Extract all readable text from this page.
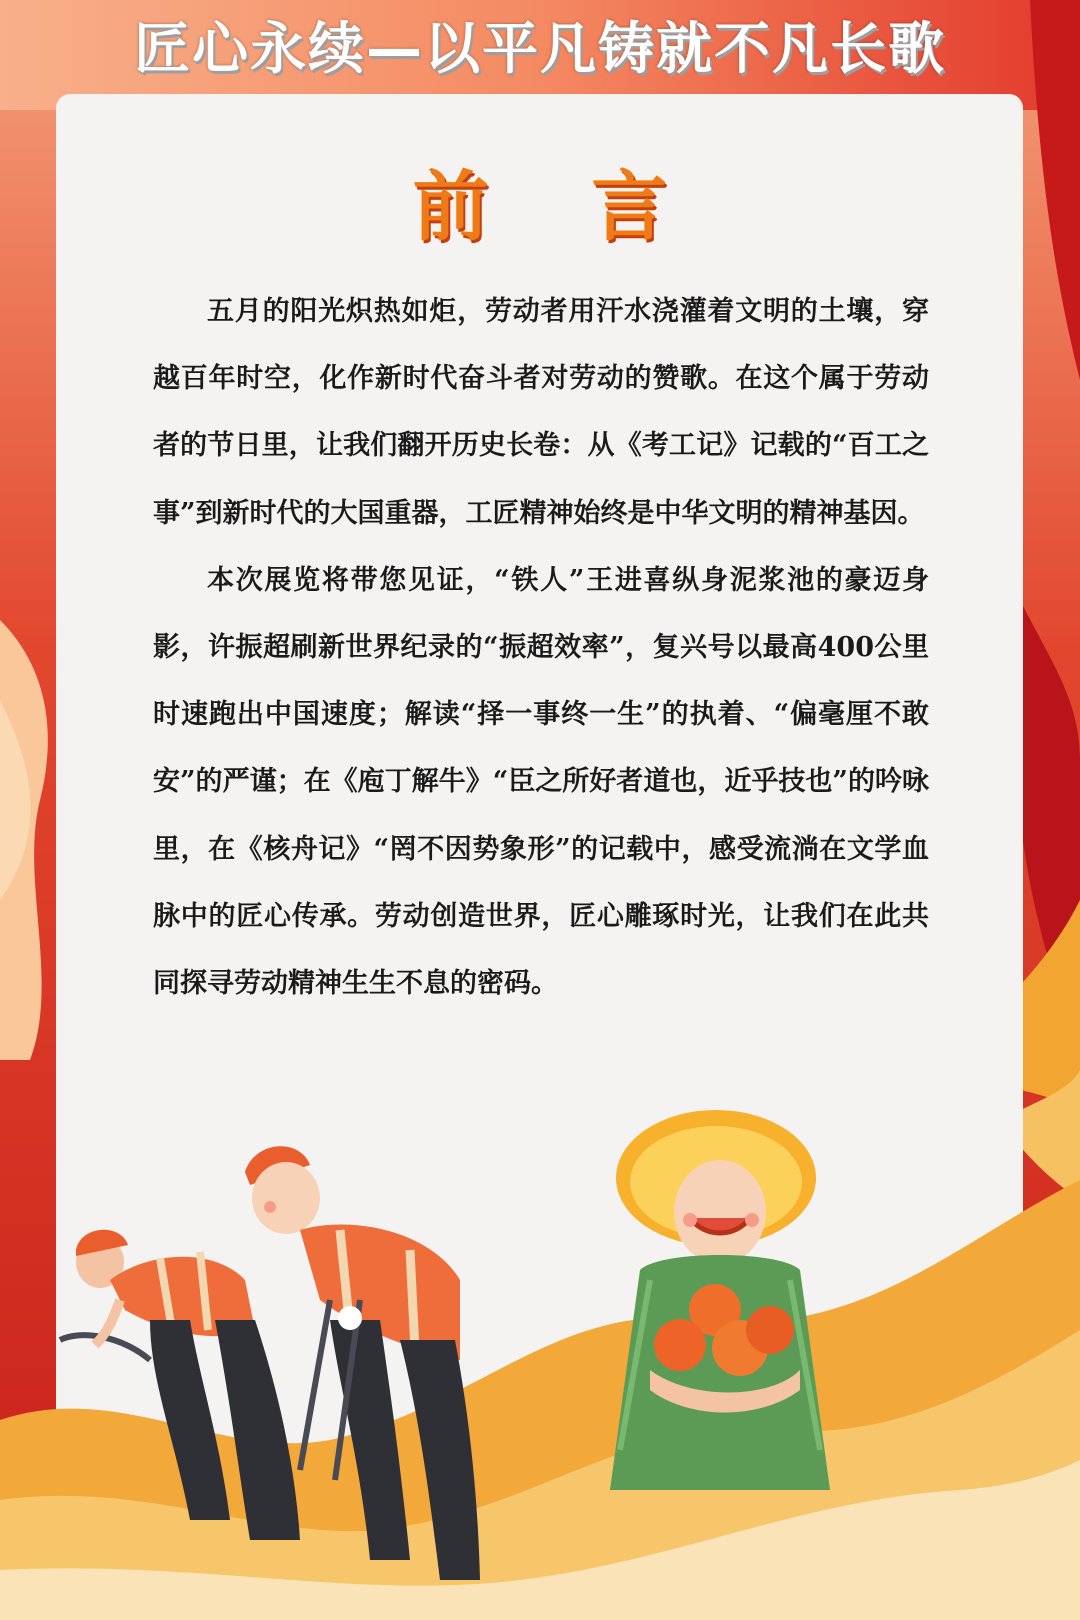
匠心永续—以平凡铸就不凡长歌
前 言

五月的阳光炽热如炬，劳动者用汗水浇灌着文明的土壤，穿越百年时空，化作新时代奋斗者对劳动的赞歌。在这个属于劳动者的节日里，让我们翻开历史长卷：从《考工记》记载的“百工之事”到新时代的大国重器，工匠精神始终是中华文明的精神基因。

本次展览将带您见证，“铁人”王进喜纵身泥浆池的豪迈身影，许振超刷新世界纪录的“振超效率”，复兴号以最高400公里时速跑出中国速度；解读“择一事终一生”的执着、“偏毫厘不敢安”的严谨；在《庖丁解牛》“臣之所好者道也，近乎技也”的吟咏里，在《核舟记》“罔不因势象形”的记载中，感受流淌在文学血脉中的匠心传承。劳动创造世界，匠心雕琢时光，让我们在此共同探寻劳动精神生生不息的密码。
